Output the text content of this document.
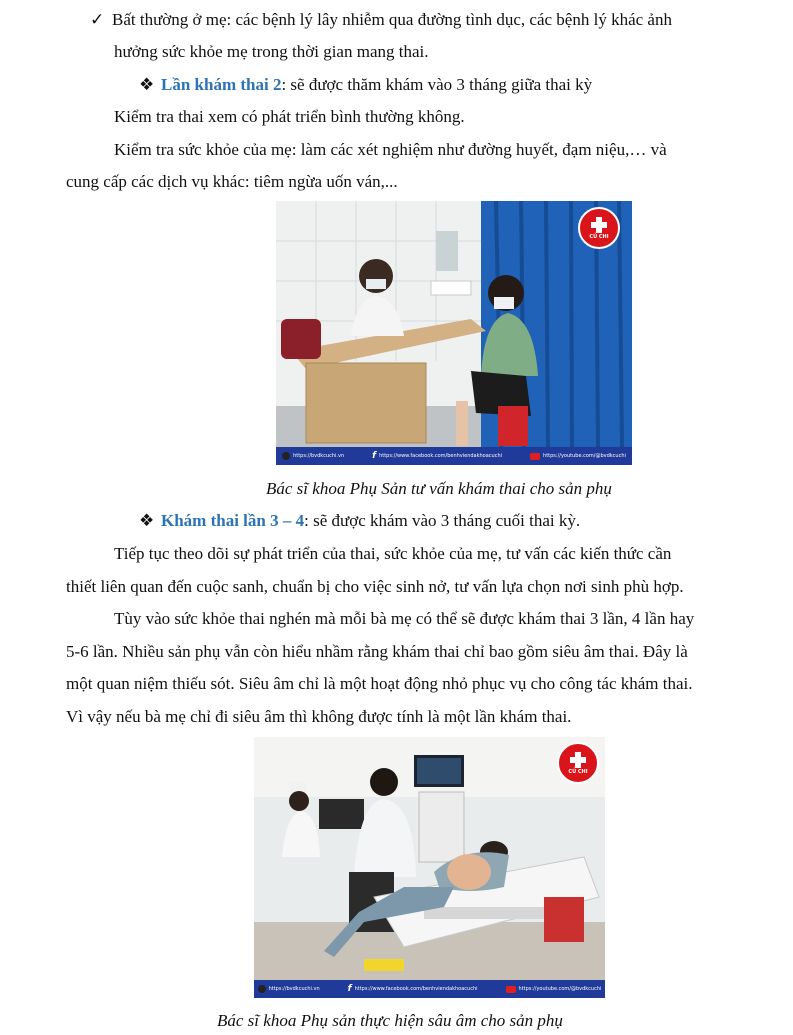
✓ Bất thường ở mẹ: các bệnh lý lây nhiễm qua đường tình dục, các bệnh lý khác ảnh
hưởng sức khỏe mẹ trong thời gian mang thai.
❖ Lần khám thai 2: sẽ được thăm khám vào 3 tháng giữa thai kỳ
Kiểm tra thai xem có phát triển bình thường không.
Kiểm tra sức khỏe của mẹ: làm các xét nghiệm như đường huyết, đạm niệu,… và
cung cấp các dịch vụ khác: tiêm ngừa uốn ván,...
CỦ CHI
https://bvdkcuchi.vn	f https://www.facebook.com/benhviendakhoacuchi	https://youtube.com/@bvdkcuchi
Bác sĩ khoa Phụ Sản tư vấn khám thai cho sản phụ
❖ Khám thai lần 3 – 4: sẽ được khám vào 3 tháng cuối thai kỳ.
Tiếp tục theo dõi sự phát triển của thai, sức khỏe của mẹ, tư vấn các kiến thức cần
thiết liên quan đến cuộc sanh, chuẩn bị cho việc sinh nở, tư vấn lựa chọn nơi sinh phù hợp.
Tùy vào sức khỏe thai nghén mà mỗi bà mẹ có thể sẽ được khám thai 3 lần, 4 lần hay
5-6 lần. Nhiều sản phụ vẫn còn hiểu nhầm rằng khám thai chỉ bao gồm siêu âm thai. Đây là
một quan niệm thiếu sót. Siêu âm chỉ là một hoạt động nhỏ phục vụ cho công tác khám thai.
Vì vậy nếu bà mẹ chỉ đi siêu âm thì không được tính là một lần khám thai.
CỦ CHI
https://bvdkcuchi.vn	f https://www.facebook.com/benhviendakhoacuchi	https://youtube.com/@bvdkcuchi
Bác sĩ khoa Phụ sản thực hiện sâu âm cho sản phụ
